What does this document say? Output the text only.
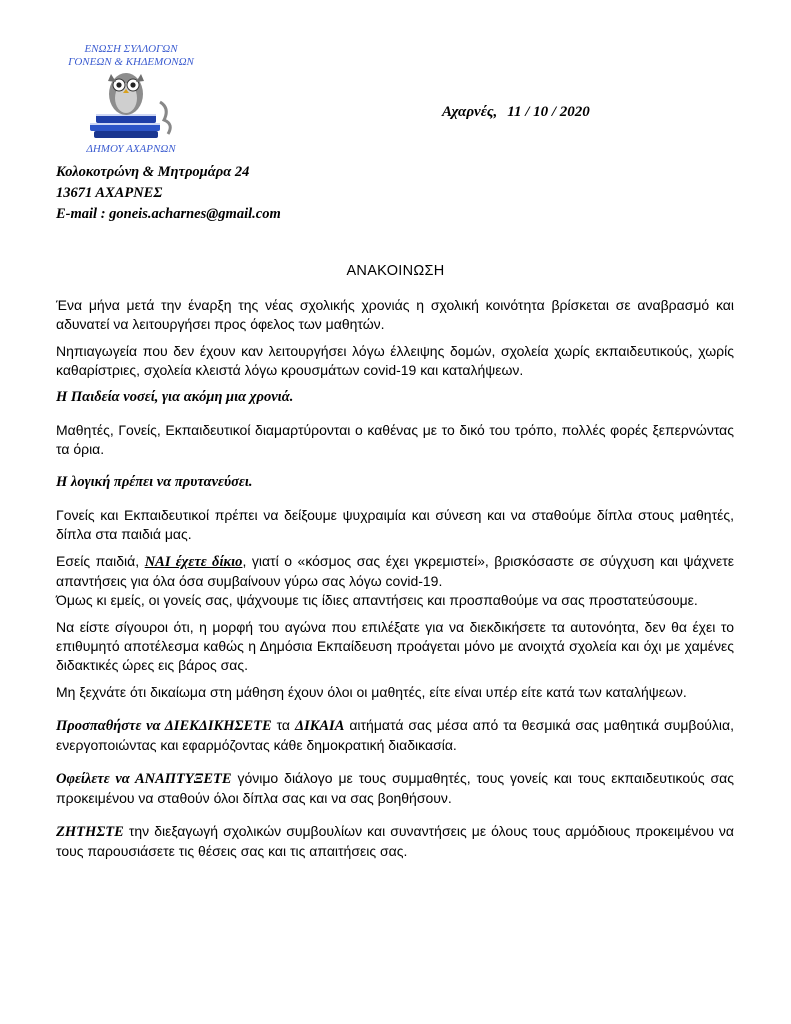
ΕΝΩΣΗ ΣΥΛΛΟΓΩΝ
ΓΟΝΕΩΝ & ΚΗΔΕΜΟΝΩΝ
ΔΗΜΟΥ ΑΧΑΡΝΩΝ
Αχαρνές, 11 / 10 / 2020
Κολοκοτρώνη & Μητρομάρα 24
13671 ΑΧΑΡΝΕΣ
E-mail : goneis.acharnes@gmail.com
ΑΝΑΚΟΙΝΩΣΗ

Ένα μήνα μετά την έναρξη της νέας σχολικής χρονιάς η σχολική κοινότητα βρίσκεται σε αναβρασμό και αδυνατεί να λειτουργήσει προς όφελος των μαθητών.

Νηπιαγωγεία που δεν έχουν καν λειτουργήσει λόγω έλλειψης δομών, σχολεία χωρίς εκπαιδευτικούς, χωρίς καθαρίστριες, σχολεία κλειστά λόγω κρουσμάτων covid-19 και καταλήψεων.

Η Παιδεία νοσεί, για ακόμη μια χρονιά.

Μαθητές, Γονείς, Εκπαιδευτικοί διαμαρτύρονται ο καθένας με το δικό του τρόπο, πολλές φορές ξεπερνώντας τα όρια.

Η λογική πρέπει να πρυτανεύσει.

Γονείς και Εκπαιδευτικοί πρέπει να δείξουμε ψυχραιμία και σύνεση και να σταθούμε δίπλα στους μαθητές, δίπλα στα παιδιά μας.

Εσείς παιδιά, ΝΑΙ έχετε δίκιο, γιατί ο «κόσμος σας έχει γκρεμιστεί», βρισκόσαστε σε σύγχυση και ψάχνετε απαντήσεις για όλα όσα συμβαίνουν γύρω σας λόγω covid-19.

Όμως κι εμείς, οι γονείς σας, ψάχνουμε τις ίδιες απαντήσεις και προσπαθούμε να σας προστατεύσουμε.

Να είστε σίγουροι ότι, η μορφή του αγώνα που επιλέξατε για να διεκδικήσετε τα αυτονόητα, δεν θα έχει το επιθυμητό αποτέλεσμα καθώς η Δημόσια Εκπαίδευση προάγεται μόνο με ανοιχτά σχολεία και όχι με χαμένες διδακτικές ώρες εις βάρος σας.

Μη ξεχνάτε ότι δικαίωμα στη μάθηση έχουν όλοι οι μαθητές, είτε είναι υπέρ είτε κατά των καταλήψεων.

Προσπαθήστε να ΔΙΕΚΔΙΚΗΣΕΤΕ τα ΔΙΚΑΙΑ αιτήματά σας μέσα από τα θεσμικά σας μαθητικά συμβούλια, ενεργοποιώντας και εφαρμόζοντας κάθε δημοκρατική διαδικασία.

Οφείλετε να ΑΝΑΠΤΥΞΕΤΕ γόνιμο διάλογο με τους συμμαθητές, τους γονείς και τους εκπαιδευτικούς σας προκειμένου να σταθούν όλοι δίπλα σας και να σας βοηθήσουν.

ΖΗΤΗΣΤΕ την διεξαγωγή σχολικών συμβουλίων και συναντήσεις με όλους τους αρμόδιους προκειμένου να τους παρουσιάσετε τις θέσεις σας και τις απαιτήσεις σας.
